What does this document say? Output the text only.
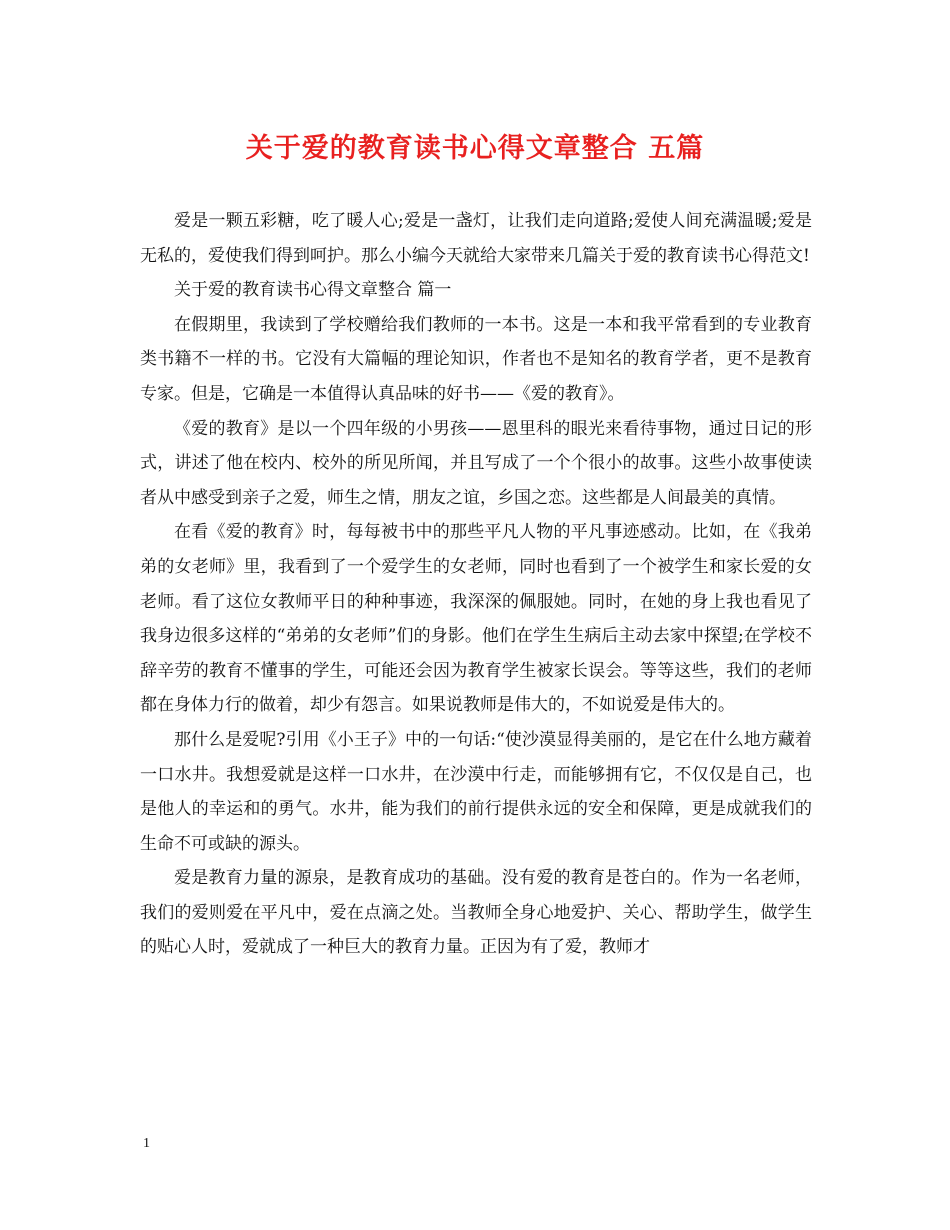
关于爱的教育读书心得文章整合 五篇

爱是一颗五彩糖，吃了暖人心;爱是一盏灯，让我们走向道路;爱使人间充满温暖;爱是无私的，爱使我们得到呵护。那么小编今天就给大家带来几篇关于爱的教育读书心得范文!

关于爱的教育读书心得文章整合 篇一

在假期里，我读到了学校赠给我们教师的一本书。这是一本和我平常看到的专业教育类书籍不一样的书。它没有大篇幅的理论知识，作者也不是知名的教育学者，更不是教育专家。但是，它确是一本值得认真品味的好书——《爱的教育》。

《爱的教育》是以一个四年级的小男孩——恩里科的眼光来看待事物，通过日记的形式，讲述了他在校内、校外的所见所闻，并且写成了一个个很小的故事。这些小故事使读者从中感受到亲子之爱，师生之情，朋友之谊，乡国之恋。这些都是人间最美的真情。

在看《爱的教育》时，每每被书中的那些平凡人物的平凡事迹感动。比如，在《我弟弟的女老师》里，我看到了一个爱学生的女老师，同时也看到了一个被学生和家长爱的女老师。看了这位女教师平日的种种事迹，我深深的佩服她。同时，在她的身上我也看见了我身边很多这样的“弟弟的女老师”们的身影。他们在学生生病后主动去家中探望;在学校不辞辛劳的教育不懂事的学生，可能还会因为教育学生被家长误会。等等这些，我们的老师都在身体力行的做着，却少有怨言。如果说教师是伟大的，不如说爱是伟大的。

那什么是爱呢?引用《小王子》中的一句话:“使沙漠显得美丽的，是它在什么地方藏着一口水井。我想爱就是这样一口水井，在沙漠中行走，而能够拥有它，不仅仅是自己，也是他人的幸运和的勇气。水井，能为我们的前行提供永远的安全和保障，更是成就我们的生命不可或缺的源头。

爱是教育力量的源泉，是教育成功的基础。没有爱的教育是苍白的。作为一名老师，我们的爱则爱在平凡中，爱在点滴之处。当教师全身心地爱护、关心、帮助学生，做学生的贴心人时，爱就成了一种巨大的教育力量。正因为有了爱，教师才

1
